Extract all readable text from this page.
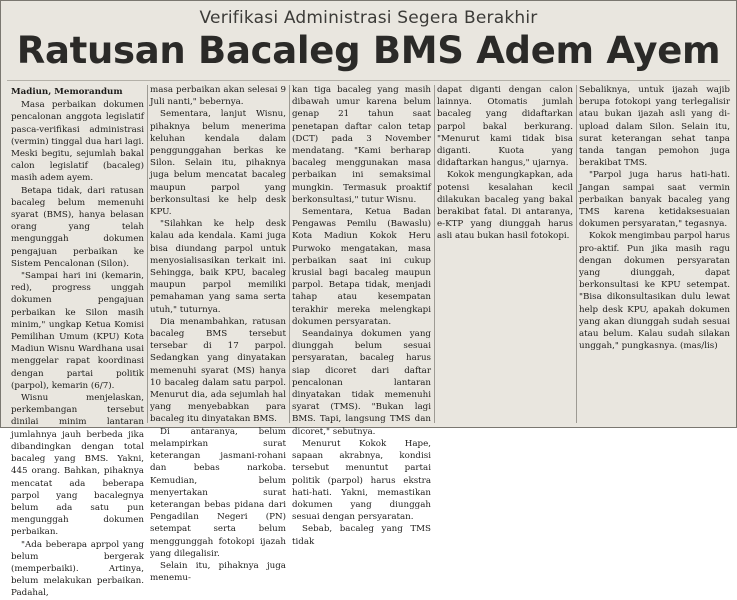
Verifikasi Administrasi Segera Berakhir
Ratusan Bacaleg BMS Adem Ayem

Madiun, Memorandum

Masa perbaikan dokumen pencalonan anggota legislatif pasca-verifikasi administrasi (vermin) tinggal dua hari lagi. Meski begitu, sejumlah bakal calon legislatif (bacaleg) masih adem ayem.

Betapa tidak, dari ratusan bacaleg belum memenuhi syarat (BMS), hanya belasan orang yang telah mengunggah dokumen pengajuan perbaikan ke Sistem Pencalonan (Silon).

"Sampai hari ini (kemarin, red), progress unggah dokumen pengajuan perbaikan ke Silon masih minim," ungkap Ketua Komisi Pemilihan Umum (KPU) Kota Madiun Wisnu Wardhana usai menggelar rapat koordinasi dengan partai politik (parpol), kemarin (6/7).

Wisnu menjelaskan, perkembangan tersebut dinilai minim lantaran jumlahnya jauh berbeda jika dibandingkan dengan total bacaleg yang BMS. Yakni, 445 orang. Bahkan, pihaknya mencatat ada beberapa parpol yang bacalegnya belum ada satu pun mengunggah dokumen perbaikan.

"Ada beberapa aprpol yang belum bergerak (memperbaiki). Artinya, belum melakukan perbaikan. Padahal,

masa perbaikan akan selesai 9 Juli nanti," bebernya.

Sementara, lanjut Wisnu, pihaknya belum menerima keluhan kendala dalam penggunggahan berkas ke Silon. Selain itu, pihaknya juga belum mencatat bacaleg maupun parpol yang berkonsultasi ke help desk KPU.

"Silahkan ke help desk kalau ada kendala. Kami juga bisa diundang parpol untuk menyosialisasikan terkait ini. Sehingga, baik KPU, bacaleg maupun parpol memiliki pemahaman yang sama serta utuh," tuturnya.

Dia menambahkan, ratusan bacaleg BMS tersebut tersebar di 17 parpol. Sedangkan yang dinyatakan memenuhi syarat (MS) hanya 10 bacaleg dalam satu parpol. Menurut dia, ada sejumlah hal yang menyebabkan para bacaleg itu dinyatakan BMS.

Di antaranya, belum melampirkan surat keterangan jasmani-rohani dan bebas narkoba. Kemudian, belum menyertakan surat keterangan bebas pidana dari Pengadilan Negeri (PN) setempat serta belum menggunggah fotokopi ijazah yang dilegalisir.

Selain itu, pihaknya juga menemu-

kan tiga bacaleg yang masih dibawah umur karena belum genap 21 tahun saat penetapan daftar calon tetap (DCT) pada 3 November mendatang. "Kami berharap bacaleg menggunakan masa perbaikan ini semaksimal mungkin. Termasuk proaktif berkonsultasi," tutur Wisnu.

Sementara, Ketua Badan Pengawas Pemilu (Bawaslu) Kota Madiun Kokok Heru Purwoko mengatakan, masa perbaikan saat ini cukup krusial bagi bacaleg maupun parpol. Betapa tidak, menjadi tahap atau kesempatan terakhir mereka melengkapi dokumen persyaratan.

Seandainya dokumen yang diunggah belum sesuai persyaratan, bacaleg harus siap dicoret dari daftar pencalonan lantaran dinyatakan tidak memenuhi syarat (TMS). "Bukan lagi BMS. Tapi, langsung TMS dan dicoret," sebutnya.

Menurut Kokok Hape, sapaan akrabnya, kondisi tersebut menuntut partai politik (parpol) harus ekstra hati-hati. Yakni, memastikan dokumen yang diunggah sesuai dengan persyaratan.

Sebab, bacaleg yang TMS tidak

dapat diganti dengan calon lainnya. Otomatis jumlah bacaleg yang didaftarkan parpol bakal berkurang. "Menurut kami tidak bisa diganti. Kuota yang didaftarkan hangus," ujarnya.

Kokok mengungkapkan, ada potensi kesalahan kecil dilakukan bacaleg yang bakal berakibat fatal. Di antaranya, e-KTP yang diunggah harus asli atau bukan hasil fotokopi.

Sebaliknya, untuk ijazah wajib berupa fotokopi yang terlegalisir atau bukan ijazah asli yang di-upload dalam Silon. Selain itu, surat keterangan sehat tanpa tanda tangan pemohon juga berakibat TMS.

"Parpol juga harus hati-hati. Jangan sampai saat vermin perbaikan banyak bacaleg yang TMS karena ketidaksesuaian dokumen persyaratan," tegasnya.

Kokok mengimbau parpol harus pro-aktif. Pun jika masih ragu dengan dokumen persyaratan yang diunggah, dapat berkonsultasi ke KPU setempat. "Bisa dikonsultasikan dulu lewat help desk KPU, apakah dokumen yang akan diunggah sudah sesuai atau belum. Kalau sudah silakan unggah," pungkasnya. (mas/lis)
